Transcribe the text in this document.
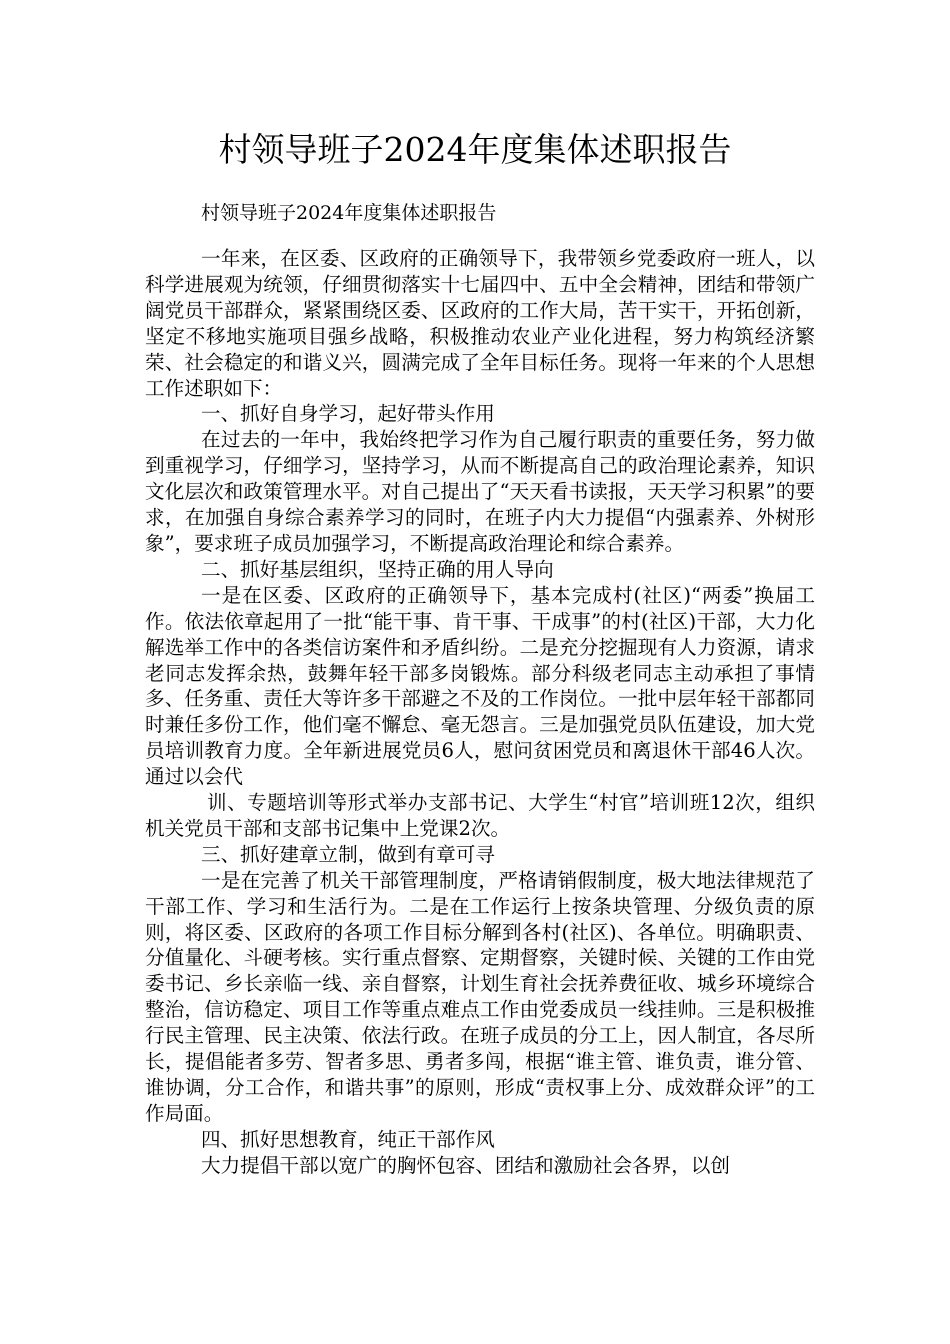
村领导班子2024年度集体述职报告

村领导班子2024年度集体述职报告

一年来，在区委、区政府的正确领导下，我带领乡党委政府一班人，以科学进展观为统领，仔细贯彻落实十七届四中、五中全会精神，团结和带领广阔党员干部群众，紧紧围绕区委、区政府的工作大局，苦干实干，开拓创新，坚定不移地实施项目强乡战略，积极推动农业产业化进程，努力构筑经济繁荣、社会稳定的和谐义兴，圆满完成了全年目标任务。现将一年来的个人思想工作述职如下：

一、抓好自身学习，起好带头作用

在过去的一年中，我始终把学习作为自己履行职责的重要任务，努力做到重视学习，仔细学习，坚持学习，从而不断提高自己的政治理论素养，知识文化层次和政策管理水平。对自己提出了“天天看书读报，天天学习积累”的要求，在加强自身综合素养学习的同时，在班子内大力提倡“内强素养、外树形象”，要求班子成员加强学习，不断提高政治理论和综合素养。

二、抓好基层组织，坚持正确的用人导向

一是在区委、区政府的正确领导下，基本完成村(社区)“两委”换届工作。依法依章起用了一批“能干事、肯干事、干成事”的村(社区)干部，大力化解选举工作中的各类信访案件和矛盾纠纷。二是充分挖掘现有人力资源，请求老同志发挥余热，鼓舞年轻干部多岗锻炼。部分科级老同志主动承担了事情多、任务重、责任大等许多干部避之不及的工作岗位。一批中层年轻干部都同时兼任多份工作，他们毫不懈怠、毫无怨言。三是加强党员队伍建设，加大党员培训教育力度。全年新进展党员6人，慰问贫困党员和离退休干部46人次。通过以会代

训、专题培训等形式举办支部书记、大学生“村官”培训班12次，组织机关党员干部和支部书记集中上党课2次。

三、抓好建章立制，做到有章可寻

一是在完善了机关干部管理制度，严格请销假制度，极大地法律规范了干部工作、学习和生活行为。二是在工作运行上按条块管理、分级负责的原则，将区委、区政府的各项工作目标分解到各村(社区)、各单位。明确职责、分值量化、斗硬考核。实行重点督察、定期督察，关键时候、关键的工作由党委书记、乡长亲临一线、亲自督察，计划生育社会抚养费征收、城乡环境综合整治，信访稳定、项目工作等重点难点工作由党委成员一线挂帅。三是积极推行民主管理、民主决策、依法行政。在班子成员的分工上，因人制宜，各尽所长，提倡能者多劳、智者多思、勇者多闯，根据“谁主管、谁负责，谁分管、谁协调，分工合作，和谐共事”的原则，形成“责权事上分、成效群众评”的工作局面。

四、抓好思想教育，纯正干部作风

大力提倡干部以宽广的胸怀包容、团结和激励社会各界，以创
